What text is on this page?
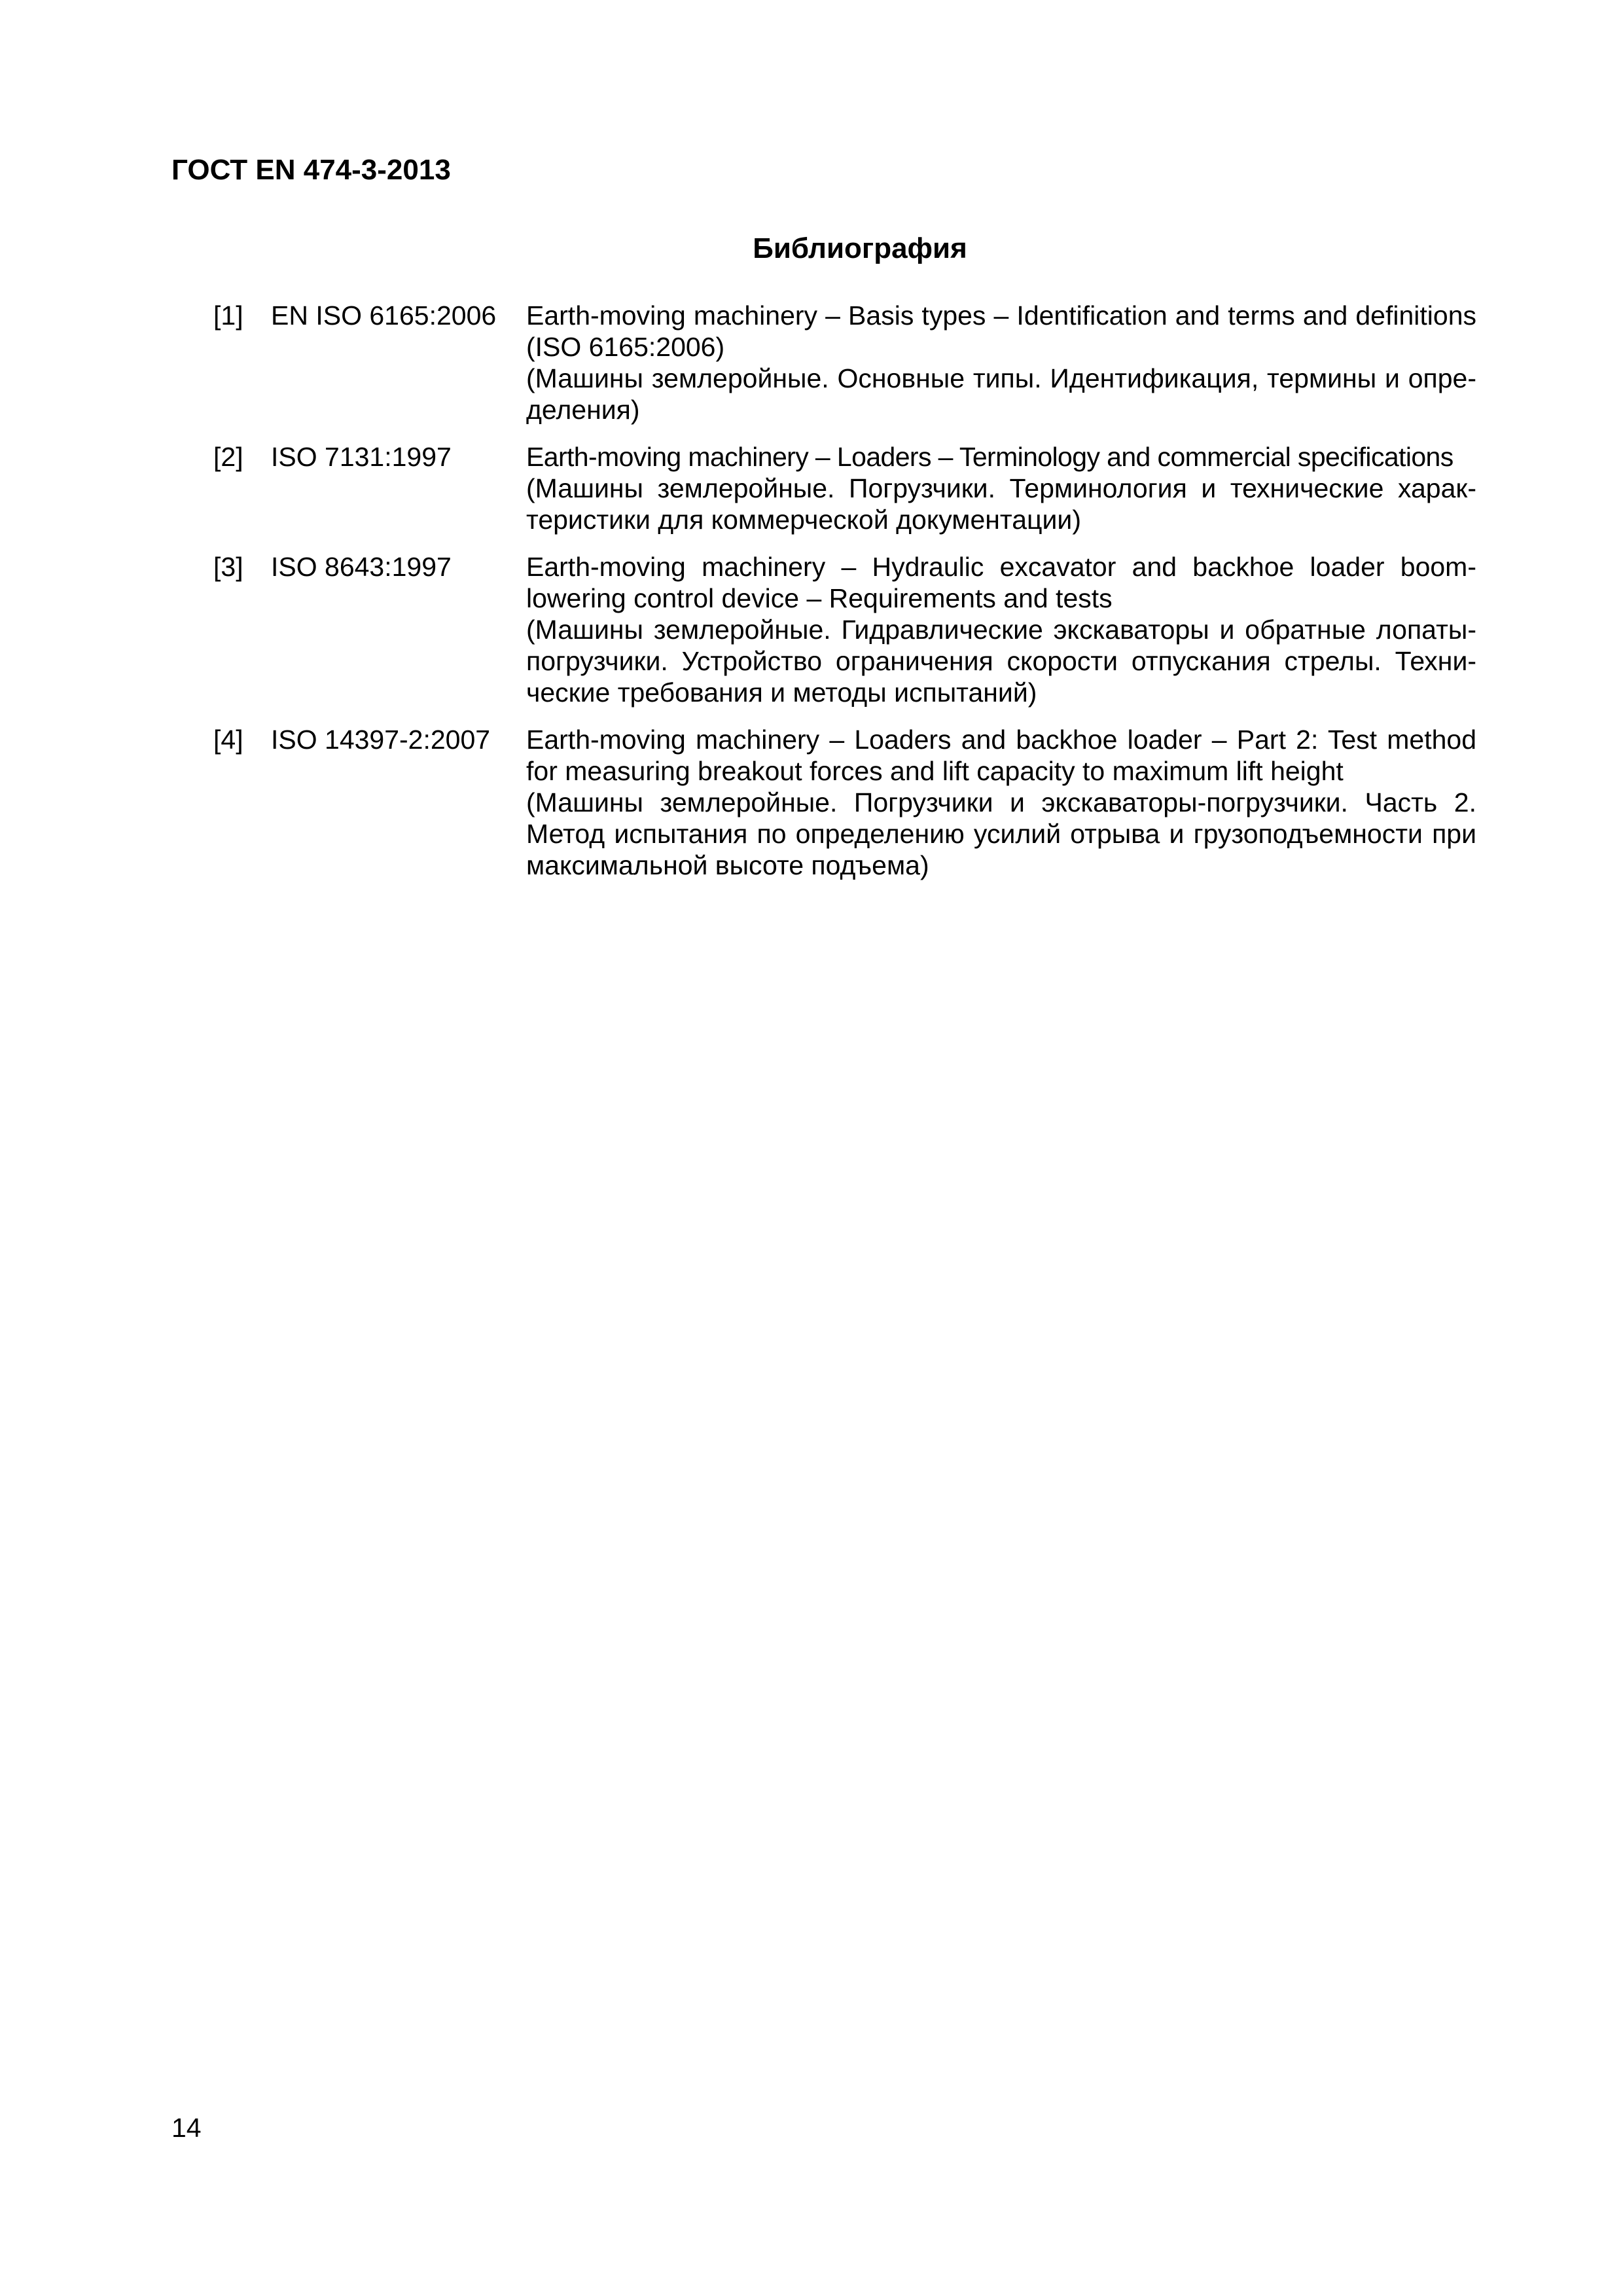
ГОСТ EN 474-3-2013
Библиография
[1]	EN ISO 6165:2006	Earth-moving machinery – Basis types – Identification and terms and definitions (ISO 6165:2006)

(Машины землеройные. Основные типы. Идентификация, термины и определения)

[2]	ISO 7131:1997	Earth-moving machinery – Loaders – Terminology and commercial specifications

(Машины землеройные. Погрузчики. Терминология и технические характеристики для коммерческой документации)

[3]	ISO 8643:1997	Earth-moving machinery – Hydraulic excavator and backhoe loader boom-lowering control device – Requirements and tests

(Машины землеройные. Гидравлические экскаваторы и обратные лопаты-погрузчики. Устройство ограничения скорости отпускания стрелы. Технические требования и методы испытаний)

[4]	ISO 14397-2:2007	Earth-moving machinery – Loaders and backhoe loader – Part 2: Test method for measuring breakout forces and lift capacity to maximum lift height

(Машины землеройные. Погрузчики и экскаваторы-погрузчики. Часть 2. Метод испытания по определению усилий отрыва и грузоподъемности при максимальной высоте подъема)

14
